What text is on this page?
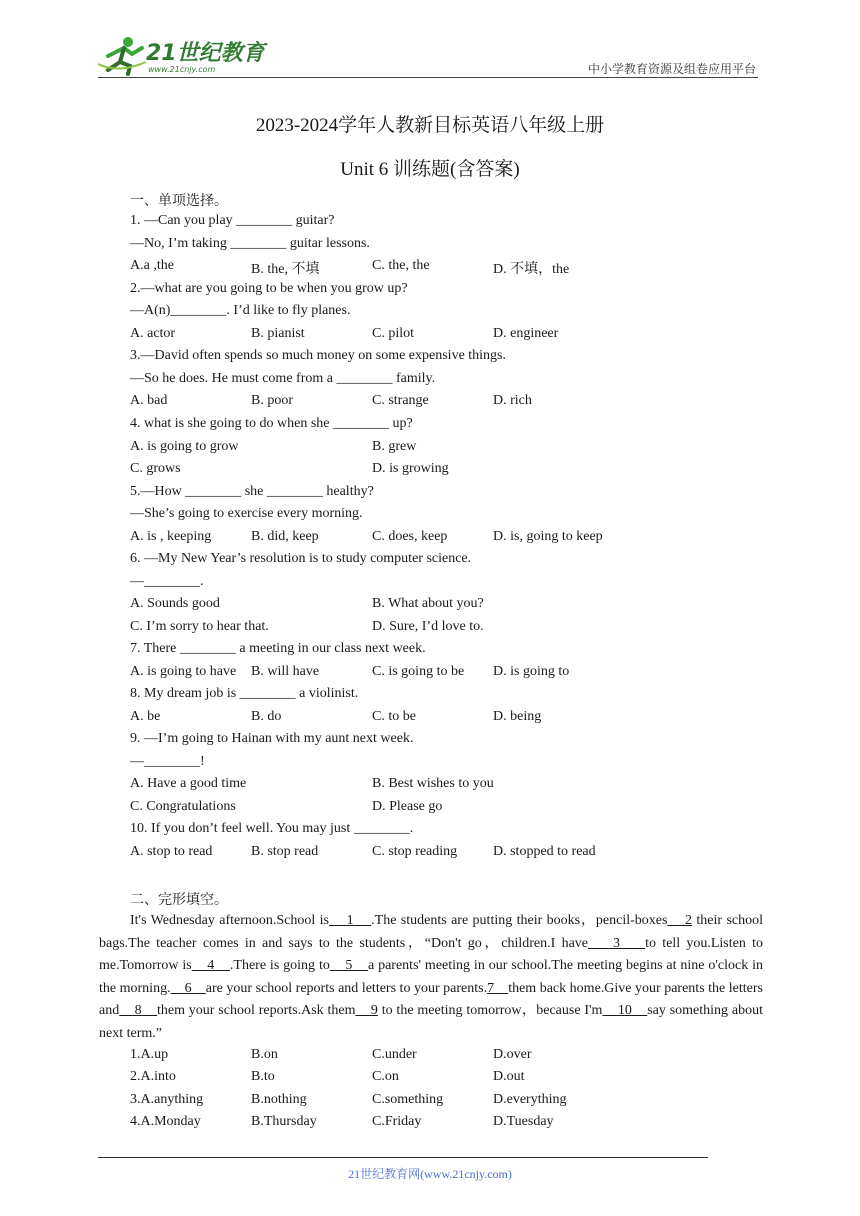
21世纪教育
www.21cnjy.com	中小学教育资源及组卷应用平台
2023-2024学年人教新目标英语八年级上册
Unit 6 训练题(含答案)
一、单项选择。
1. —Can you play ________ guitar?
—No, I’m taking ________ guitar lessons.
A.a ,the	B. the, 不填	C. the, the	D. 不填，the
2.—what are you going to be when you grow up?
—A(n)________. I’d like to fly planes.
A. actor	B. pianist	C. pilot	D. engineer
3.—David often spends so much money on some expensive things.
—So he does. He must come from a ________ family.
A. bad	B. poor	C. strange	D. rich
4. what is she going to do when she ________ up?
A. is going to grow	B. grew
C. grows	D. is growing
5.—How ________ she ________ healthy?
—She’s going to exercise every morning.
A. is , keeping	B. did, keep	C. does, keep	D. is, going to keep
6. —My New Year’s resolution is to study computer science.
—________.
A. Sounds good	B. What about you?
C. I’m sorry to hear that.	D. Sure, I’d love to.
7. There ________ a meeting in our class next week.
A. is going to have B. will have	C. is going to be D. is going to
8. My dream job is ________ a violinist.
A. be	B. do	C. to be	D. being
9. —I’m going to Hainan with my aunt next week.
—________!
A. Have a good time	B. Best wishes to you
C. Congratulations	D. Please go
10. If you don’t feel well. You may just ________.
A. stop to read	B. stop read	C. stop reading	D. stopped to read
二、完形填空。
It's Wednesday afternoon.School is    1    .The students are putting their books，pencil-boxes    2 their school bags.The teacher comes in and says to the students，“Don't go，children.I have    3    to tell you.Listen to me.Tomorrow is    4    .There is going to    5    a parents' meeting in our school.The meeting begins at nine o'clock in the morning.    6    are your school reports and letters to your parents.7    them back home.Give your parents the letters and    8    them your school reports.Ask them    9 to the meeting tomorrow，because I'm    10    say something about next term.”
1.A.up	B.on	C.under	D.over
2.A.into	B.to	C.on	D.out
3.A.anything	B.nothing	C.something	D.everything
4.A.Monday	B.Thursday	C.Friday	D.Tuesday
21世纪教育网(www.21cnjy.com)
